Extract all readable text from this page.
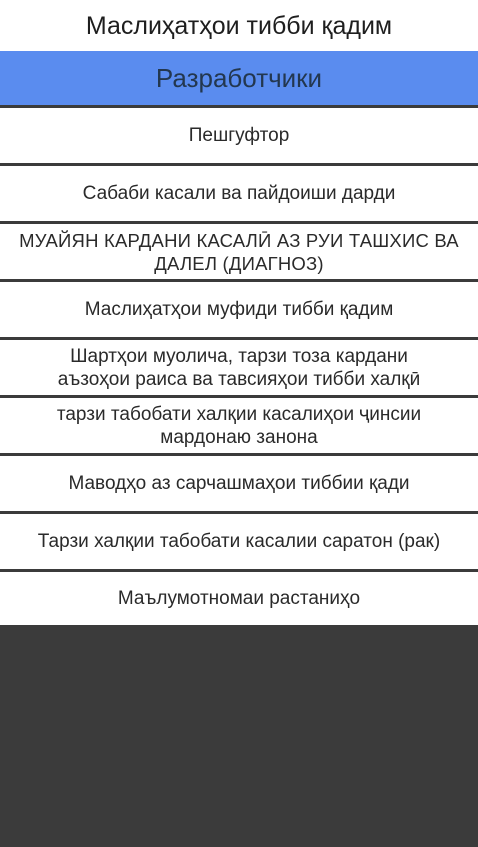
Маслиҳатҳои тибби қадим
Разработчики
Пешгуфтор
Сабаби касали ва пайдоиши дарди
МУАЙЯН КАРДАНИ КАСАЛӢ АЗ РУИ ТАШХИС ВА ДАЛЕЛ (ДИАГНОЗ)
Маслиҳатҳои муфиди тибби қадим
Шартҳои муоличa, тарзи тоза кардани аъзоҳои раиса ва тавсияҳои тибби халқӣ
тарзи табобати халқии касалиҳои ҷинсии мардонаю занона
Маводҳо аз сарчашмаҳои тиббии қади
Тарзи халқии табобати касалии саратон (рак)
Маълумотномаи растаниҳо
